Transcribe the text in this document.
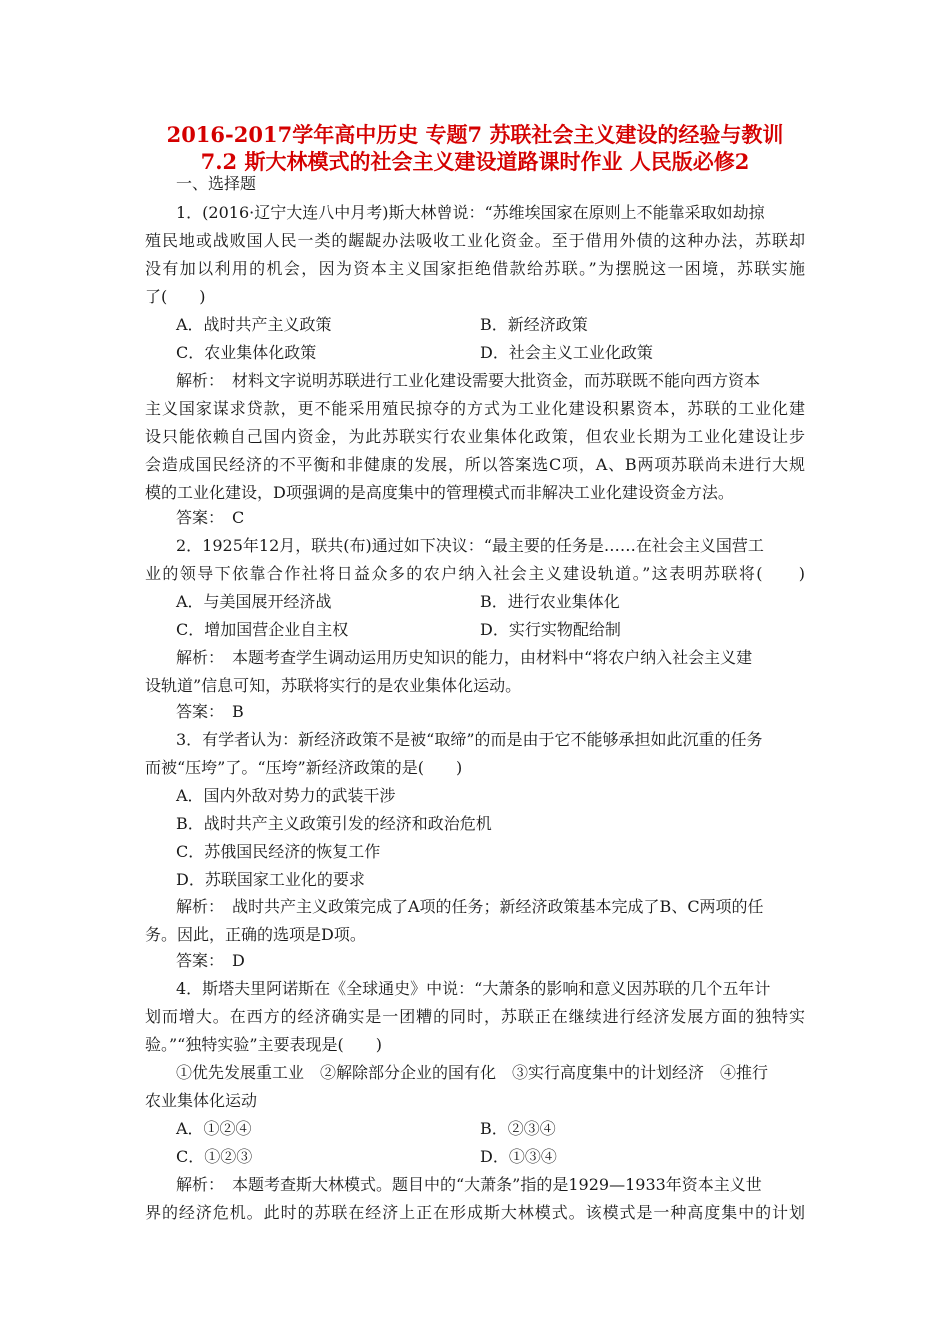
2016-2017学年高中历史 专题7 苏联社会主义建设的经验与教训
7.2 斯大林模式的社会主义建设道路课时作业 人民版必修2
一、选择题
1．(2016·辽宁大连八中月考)斯大林曾说：“苏维埃国家在原则上不能靠采取如劫掠
殖民地或战败国人民一类的龌龊办法吸收工业化资金。至于借用外债的这种办法，苏联却
没有加以利用的机会，因为资本主义国家拒绝借款给苏联。”为摆脱这一困境，苏联实施
了(　　)
A．战时共产主义政策	B．新经济政策
C．农业集体化政策	D．社会主义工业化政策
解析：　材料文字说明苏联进行工业化建设需要大批资金，而苏联既不能向西方资本
主义国家谋求贷款，更不能采用殖民掠夺的方式为工业化建设积累资本，苏联的工业化建
设只能依赖自己国内资金，为此苏联实行农业集体化政策，但农业长期为工业化建设让步
会造成国民经济的不平衡和非健康的发展，所以答案选C项，A、B两项苏联尚未进行大规
模的工业化建设，D项强调的是高度集中的管理模式而非解决工业化建设资金方法。
答案：　C
2．1925年12月，联共(布)通过如下决议：“最主要的任务是……在社会主义国营工
业的领导下依靠合作社将日益众多的农户纳入社会主义建设轨道。”这表明苏联将(　　)
A．与美国展开经济战	B．进行农业集体化
C．增加国营企业自主权	D．实行实物配给制
解析：　本题考查学生调动运用历史知识的能力，由材料中“将农户纳入社会主义建
设轨道”信息可知，苏联将实行的是农业集体化运动。
答案：　B
3．有学者认为：新经济政策不是被“取缔”的而是由于它不能够承担如此沉重的任务
而被“压垮”了。“压垮”新经济政策的是(　　)
A．国内外敌对势力的武装干涉
B．战时共产主义政策引发的经济和政治危机
C．苏俄国民经济的恢复工作
D．苏联国家工业化的要求
解析：　战时共产主义政策完成了A项的任务；新经济政策基本完成了B、C两项的任
务。因此，正确的选项是D项。
答案：　D
4．斯塔夫里阿诺斯在《全球通史》中说：“大萧条的影响和意义因苏联的几个五年计
划而增大。在西方的经济确实是一团糟的同时，苏联正在继续进行经济发展方面的独特实
验。”“独特实验”主要表现是(　　)
①优先发展重工业　②解除部分企业的国有化　③实行高度集中的计划经济　④推行
农业集体化运动
A．①②④	B．②③④
C．①②③	D．①③④
解析：　本题考查斯大林模式。题目中的“大萧条”指的是1929—1933年资本主义世
界的经济危机。此时的苏联在经济上正在形成斯大林模式。该模式是一种高度集中的计划
